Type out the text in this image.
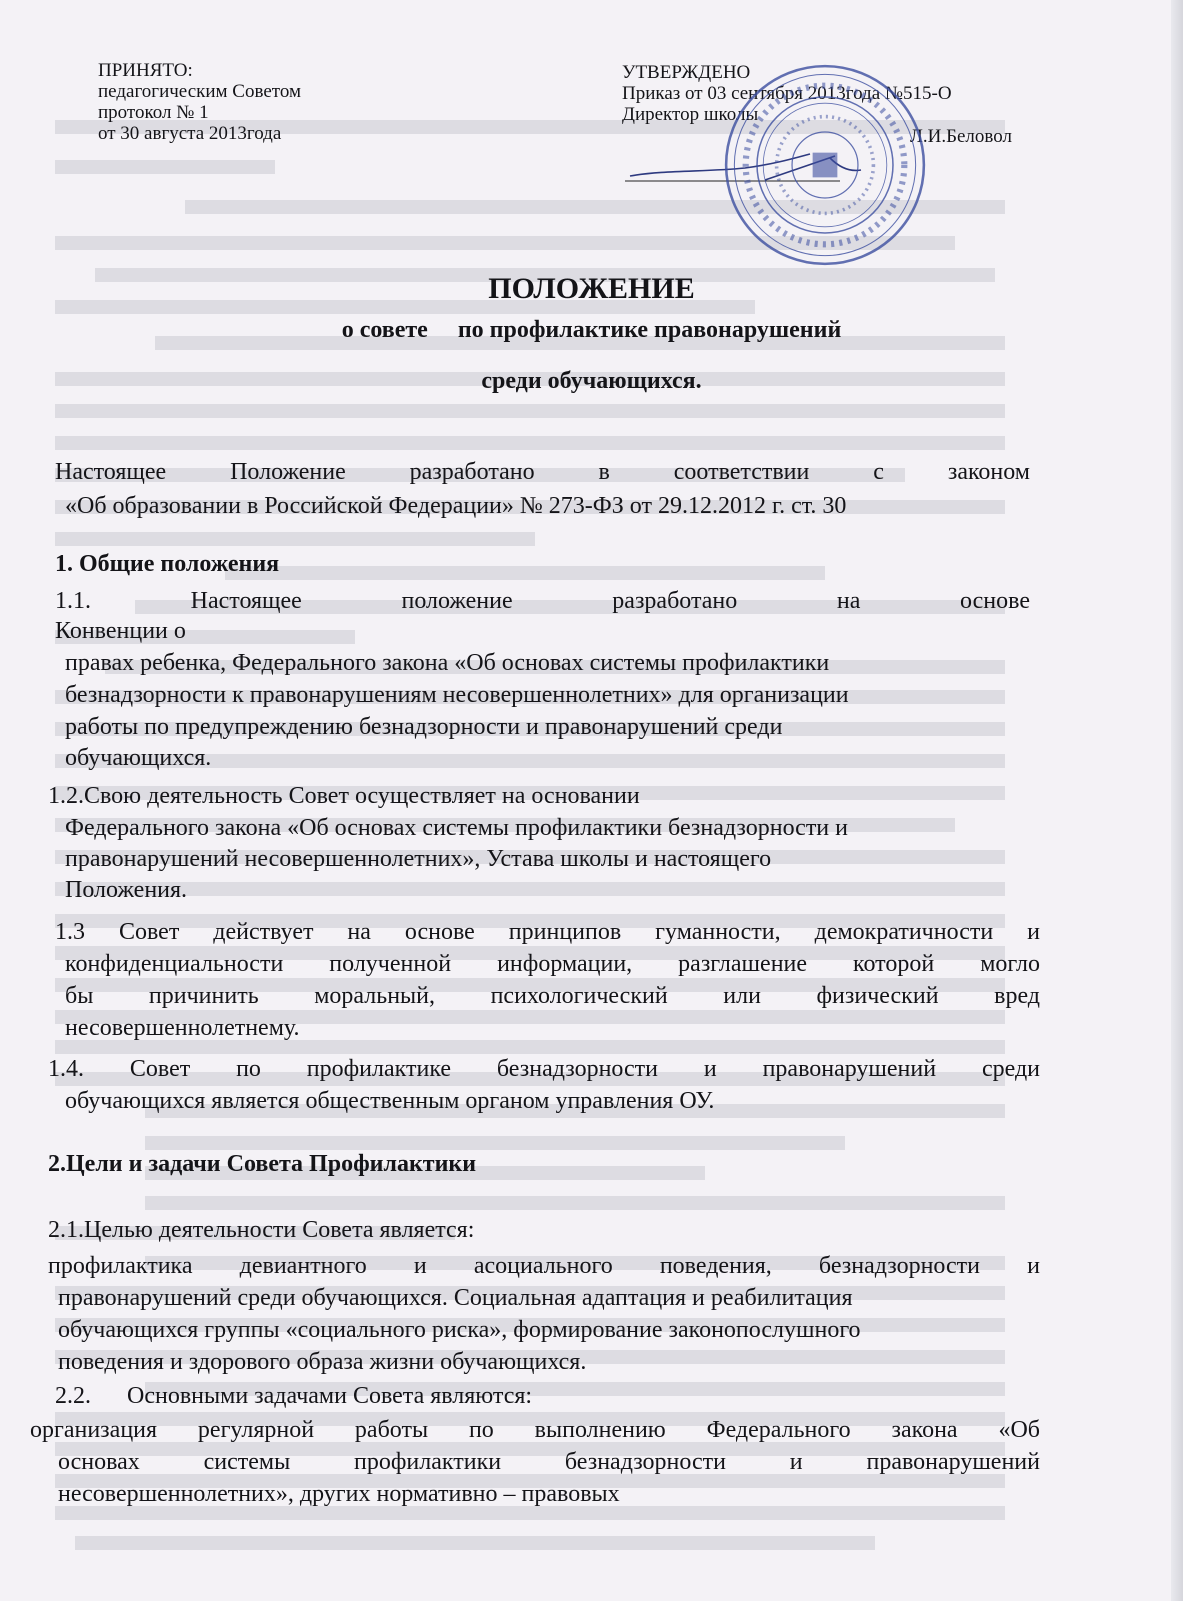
ПРИНЯТО:
педагогическим Советом
протокол № 1
от 30 августа 2013года
УТВЕРЖДЕНО
Приказ от 03 сентября 2013года №515-О
Директор школы
Л.И.Беловол
ПОЛОЖЕНИЕ
о совете     по профилактике правонарушений
среди обучающихся.
Настоящее Положение разработано в соответствии с законом
«Об образовании в Российской Федерации» № 273-ФЗ от 29.12.2012 г. ст. 30
1. Общие положения
1.1. Настоящее положение разработано на основе
Конвенции о
правах ребенка, Федерального закона «Об основах системы профилактики
безнадзорности к правонарушениям несовершеннолетних» для организации
работы по предупреждению безнадзорности и правонарушений среди
обучающихся.
1.2.Свою деятельность Совет осуществляет на основании
Федерального закона «Об основах системы профилактики безнадзорности и
правонарушений несовершеннолетних», Устава школы и настоящего
Положения.
1.3 Совет действует на основе принципов гуманности, демократичности и
конфиденциальности полученной информации, разглашение которой могло
бы причинить моральный, психологический или физический вред
несовершеннолетнему.
1.4. Совет по профилактике безнадзорности и правонарушений среди
обучающихся является общественным органом управления ОУ.
2.Цели и задачи Совета Профилактики
2.1.Целью деятельности Совета является:
профилактика девиантного и асоциального поведения, безнадзорности и
правонарушений среди обучающихся. Социальная адаптация и реабилитация
обучающихся группы «социального риска», формирование законопослушного
поведения и здорового образа жизни обучающихся.
2.2.      Основными задачами Совета являются:
организация регулярной работы по выполнению Федерального закона «Об
основах системы профилактики безнадзорности и правонарушений
несовершеннолетних», других нормативно – правовых
